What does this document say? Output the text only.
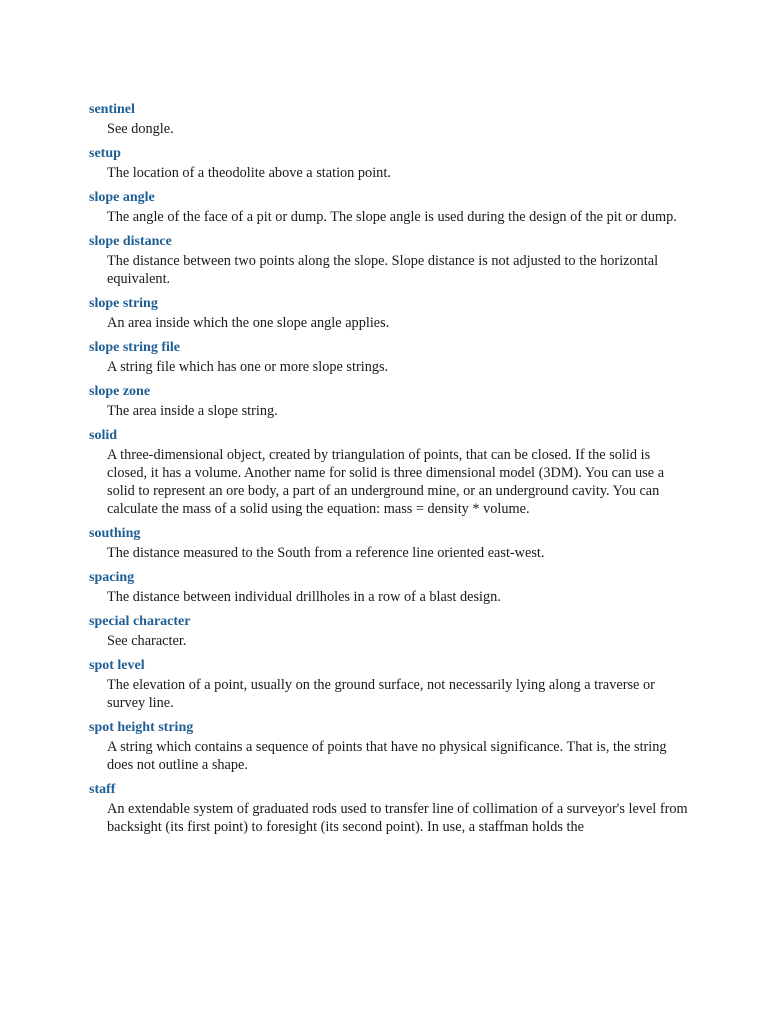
sentinel
See dongle.
setup
The location of a theodolite above a station point.
slope angle
The angle of the face of a pit or dump. The slope angle is used during the design of the pit or dump.
slope distance
The distance between two points along the slope. Slope distance is not adjusted to the horizontal equivalent.
slope string
An area inside which the one slope angle applies.
slope string file
A string file which has one or more slope strings.
slope zone
The area inside a slope string.
solid
A three-dimensional object, created by triangulation of points, that can be closed. If the solid is closed, it has a volume. Another name for solid is three dimensional model (3DM). You can use a solid to represent an ore body, a part of an underground mine, or an underground cavity. You can calculate the mass of a solid using the equation: mass = density * volume.
southing
The distance measured to the South from a reference line oriented east-west.
spacing
The distance between individual drillholes in a row of a blast design.
special character
See character.
spot level
The elevation of a point, usually on the ground surface, not necessarily lying along a traverse or survey line.
spot height string
A string which contains a sequence of points that have no physical significance. That is, the string does not outline a shape.
staff
An extendable system of graduated rods used to transfer line of collimation of a surveyor's level from backsight (its first point) to foresight (its second point). In use, a staffman holds the
